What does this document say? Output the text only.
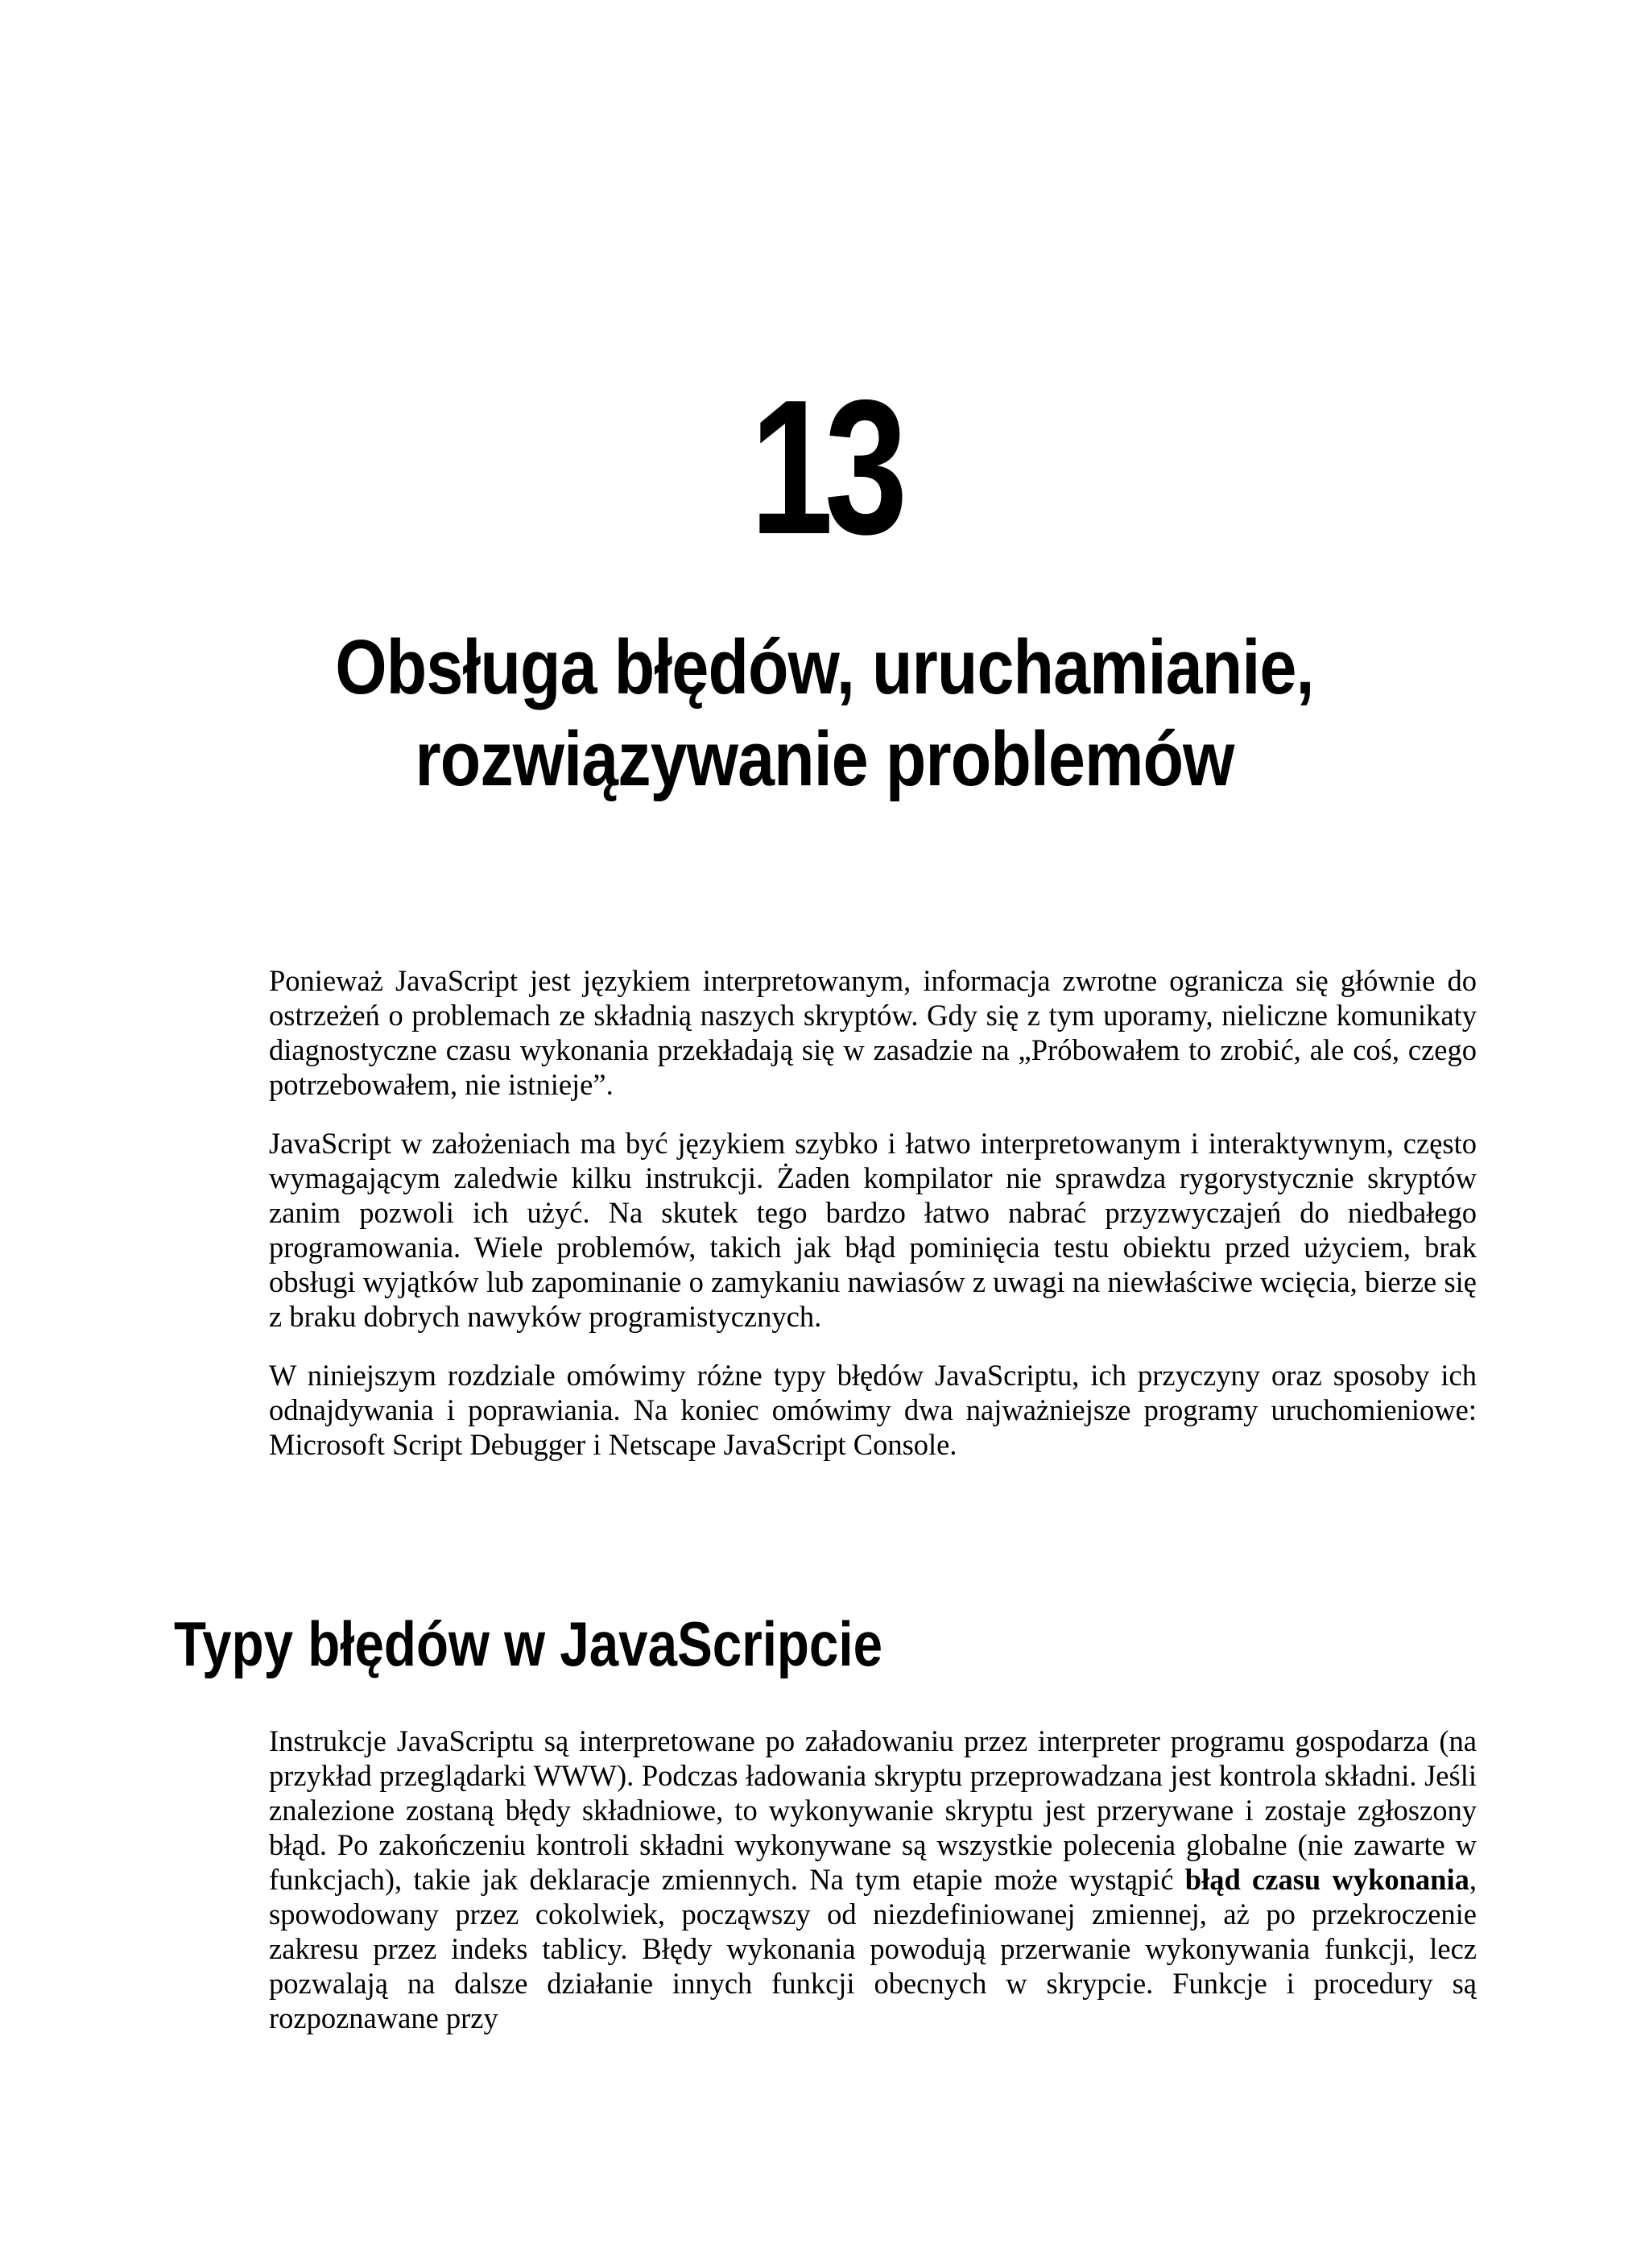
13
Obsługa błędów, uruchamianie,
rozwiązywanie problemów

Ponieważ JavaScript jest językiem interpretowanym, informacja zwrotne ogranicza się głównie do ostrzeżeń o problemach ze składnią naszych skryptów. Gdy się z tym uporamy, nieliczne komunikaty diagnostyczne czasu wykonania przekładają się w zasadzie na „Próbowałem to zrobić, ale coś, czego potrzebowałem, nie istnieje”.

JavaScript w założeniach ma być językiem szybko i łatwo interpretowanym i interaktywnym, często wymagającym zaledwie kilku instrukcji. Żaden kompilator nie sprawdza rygorystycznie skryptów zanim pozwoli ich użyć. Na skutek tego bardzo łatwo nabrać przyzwyczajeń do niedbałego programowania. Wiele problemów, takich jak błąd pominięcia testu obiektu przed użyciem, brak obsługi wyjątków lub zapominanie o zamykaniu nawiasów z uwagi na niewłaściwe wcięcia, bierze się z braku dobrych nawyków programistycznych.

W niniejszym rozdziale omówimy różne typy błędów JavaScriptu, ich przyczyny oraz sposoby ich odnajdywania i poprawiania. Na koniec omówimy dwa najważniejsze programy uruchomieniowe: Microsoft Script Debugger i Netscape JavaScript Console.

Typy błędów w JavaScripcie

Instrukcje JavaScriptu są interpretowane po załadowaniu przez interpreter programu gospodarza (na przykład przeglądarki WWW). Podczas ładowania skryptu przeprowadzana jest kontrola składni. Jeśli znalezione zostaną błędy składniowe, to wykonywanie skryptu jest przerywane i zostaje zgłoszony błąd. Po zakończeniu kontroli składni wykonywane są wszystkie polecenia globalne (nie zawarte w funkcjach), takie jak deklaracje zmiennych. Na tym etapie może wystąpić błąd czasu wykonania, spowodowany przez cokolwiek, począwszy od niezdefiniowanej zmiennej, aż po przekroczenie zakresu przez indeks tablicy. Błędy wykonania powodują przerwanie wykonywania funkcji, lecz pozwalają na dalsze działanie innych funkcji obecnych w skrypcie. Funkcje i procedury są rozpoznawane przy
